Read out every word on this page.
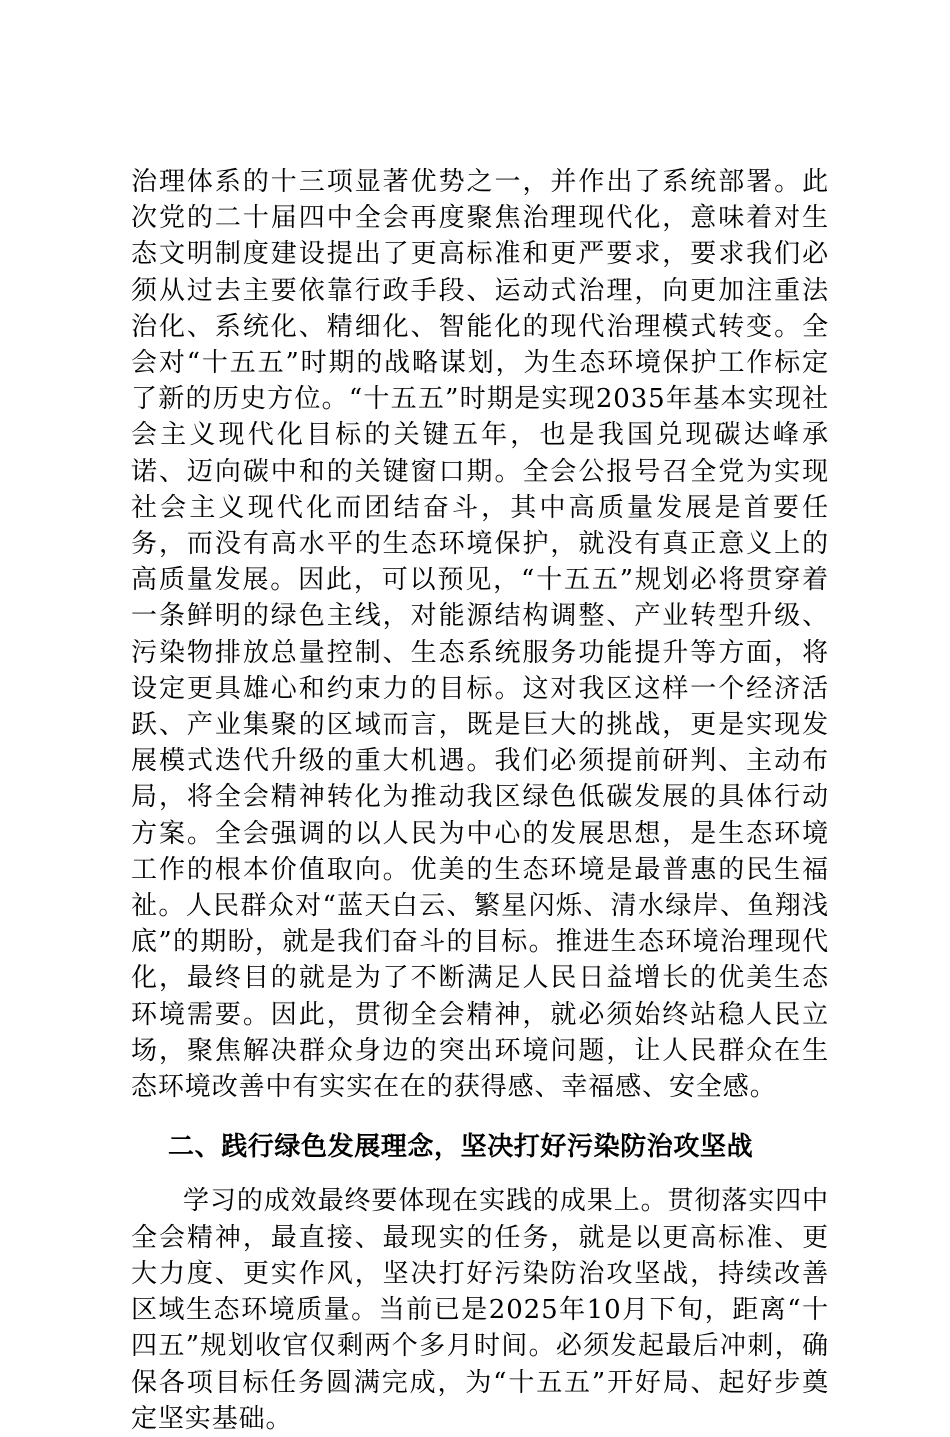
治理体系的十三项显著优势之一，并作出了系统部署。此次党的二十届四中全会再度聚焦治理现代化，意味着对生态文明制度建设提出了更高标准和更严要求，要求我们必须从过去主要依靠行政手段、运动式治理，向更加注重法治化、系统化、精细化、智能化的现代治理模式转变。全会对“十五五”时期的战略谋划，为生态环境保护工作标定了新的历史方位。“十五五”时期是实现2035年基本实现社会主义现代化目标的关键五年，也是我国兑现碳达峰承诺、迈向碳中和的关键窗口期。全会公报号召全党为实现社会主义现代化而团结奋斗，其中高质量发展是首要任务，而没有高水平的生态环境保护，就没有真正意义上的高质量发展。因此，可以预见，“十五五”规划必将贯穿着一条鲜明的绿色主线，对能源结构调整、产业转型升级、污染物排放总量控制、生态系统服务功能提升等方面，将设定更具雄心和约束力的目标。这对我区这样一个经济活跃、产业集聚的区域而言，既是巨大的挑战，更是实现发展模式迭代升级的重大机遇。我们必须提前研判、主动布局，将全会精神转化为推动我区绿色低碳发展的具体行动方案。全会强调的以人民为中心的发展思想，是生态环境工作的根本价值取向。优美的生态环境是最普惠的民生福祉。人民群众对“蓝天白云、繁星闪烁、清水绿岸、鱼翔浅底”的期盼，就是我们奋斗的目标。推进生态环境治理现代化，最终目的就是为了不断满足人民日益增长的优美生态环境需要。因此，贯彻全会精神，就必须始终站稳人民立场，聚焦解决群众身边的突出环境问题，让人民群众在生态环境改善中有实实在在的获得感、幸福感、安全感。

二、践行绿色发展理念，坚决打好污染防治攻坚战

学习的成效最终要体现在实践的成果上。贯彻落实四中全会精神，最直接、最现实的任务，就是以更高标准、更大力度、更实作风，坚决打好污染防治攻坚战，持续改善区域生态环境质量。当前已是2025年10月下旬，距离“十四五”规划收官仅剩两个多月时间。必须发起最后冲刺，确保各项目标任务圆满完成，为“十五五”开好局、起好步奠定坚实基础。
